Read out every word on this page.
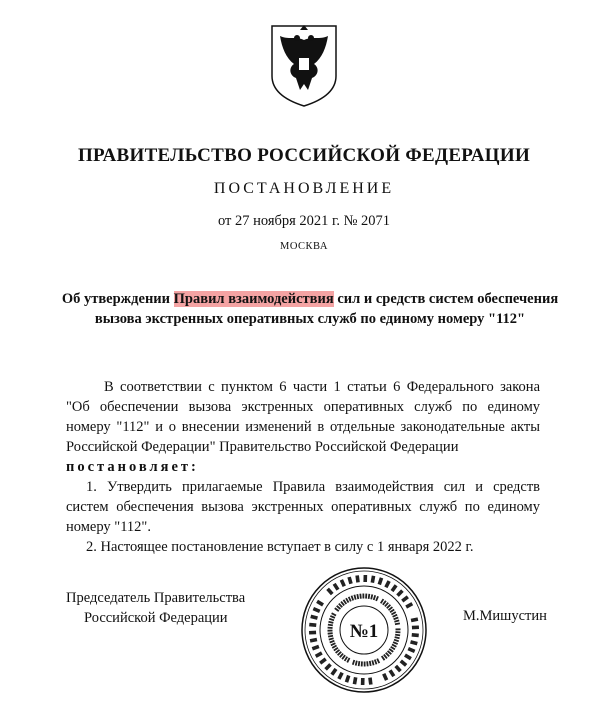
ПРАВИТЕЛЬСТВО РОССИЙСКОЙ ФЕДЕРАЦИИ
ПОСТАНОВЛЕНИЕ
от 27 ноября 2021 г. № 2071
МОСКВА
Об утверждении Правил взаимодействия сил и средств систем обеспечения вызова экстренных оперативных служб по единому номеру "112"

В соответствии с пунктом 6 части 1 статьи 6 Федерального закона "Об обеспечении вызова экстренных оперативных служб по единому номеру "112" и о внесении изменений в отдельные законодательные акты Российской Федерации" Правительство Российской Федерации

постановляет:

1. Утвердить прилагаемые Правила взаимодействия сил и средств систем обеспечения вызова экстренных оперативных служб по единому номеру "112".

2. Настоящее постановление вступает в силу с 1 января 2022 г.

Председатель Правительства
Российской Федерации	М.Мишустин
№1
